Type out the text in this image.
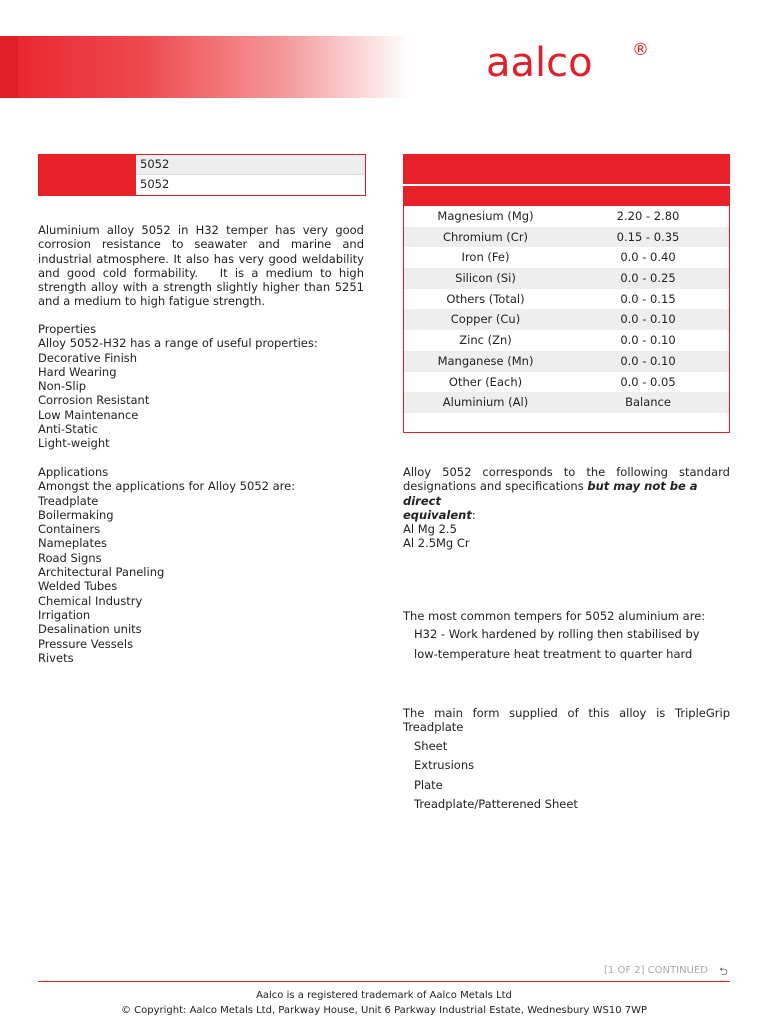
aalco ®
5052
5052
Aluminium alloy 5052 in H32 temper has very good
corrosion resistance to seawater and marine and
industrial atmosphere. It also has very good weldability
and good cold formability.   It is a medium to high
strength alloy with a strength slightly higher than 5251
and a medium to high fatigue strength.
Properties
Alloy 5052-H32 has a range of useful properties:
Decorative Finish
Hard Wearing
Non-Slip
Corrosion Resistant
Low Maintenance
Anti-Static
Light-weight
Applications
Amongst the applications for Alloy 5052 are:
Treadplate
Boilermaking
Containers
Nameplates
Road Signs
Architectural Paneling
Welded Tubes
Chemical Industry
Irrigation
Desalination units
Pressure Vessels
Rivets
Magnesium (Mg)	2.20 - 2.80
Chromium (Cr)	0.15 - 0.35
Iron (Fe)	0.0 - 0.40
Silicon (Si)	0.0 - 0.25
Others (Total)	0.0 - 0.15
Copper (Cu)	0.0 - 0.10
Zinc (Zn)	0.0 - 0.10
Manganese (Mn)	0.0 - 0.10
Other (Each)	0.0 - 0.05
Aluminium (Al)	Balance
Alloy 5052 corresponds to the following standard
designations and specifications but may not be a direct
equivalent:
Al Mg 2.5
Al 2.5Mg Cr
The most common tempers for 5052 aluminium are:
H32 - Work hardened by rolling then stabilised by
low-temperature heat treatment to quarter hard
The main form supplied of this alloy is TripleGrip
Treadplate
Sheet
Extrusions
Plate
Treadplate/Patterened Sheet
[1 OF 2] CONTINUED ⮌
Aalco is a registered trademark of Aalco Metals Ltd
© Copyright: Aalco Metals Ltd, Parkway House, Unit 6 Parkway Industrial Estate, Wednesbury WS10 7WP
